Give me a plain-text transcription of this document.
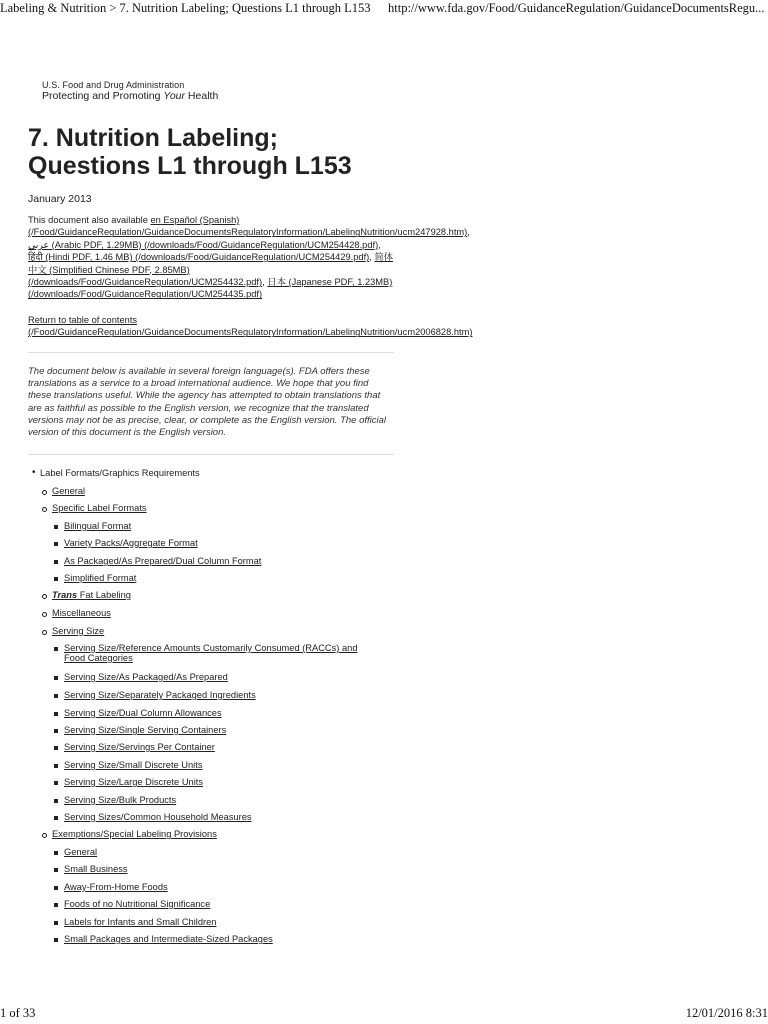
Labeling & Nutrition > 7. Nutrition Labeling; Questions L1 through L153 http://www.fda.gov/Food/GuidanceRegulation/GuidanceDocumentsRegu...
U.S. Food and Drug Administration
Protecting and Promoting Your Health
7. Nutrition Labeling; Questions L1 through L153
January 2013
This document also available en Español (Spanish) (/Food/GuidanceRegulation/GuidanceDocumentsRegulatoryInformation/LabelingNutrition/ucm247928.htm), عربي (Arabic PDF, 1.29MB) (/downloads/Food/GuidanceRegulation/UCM254428.pdf), हिंदी (Hindi PDF, 1.46 MB) (/downloads/Food/GuidanceRegulation/UCM254429.pdf), 简体中文 (Simplified Chinese PDF, 2.85MB) (/downloads/Food/GuidanceRegulation/UCM254432.pdf), 日本 (Japanese PDF, 1.23MB) (/downloads/Food/GuidanceRegulation/UCM254435.pdf)
Return to table of contents (/Food/GuidanceRegulation/GuidanceDocumentsRegulatoryInformation/LabelingNutrition/ucm2006828.htm)
The document below is available in several foreign language(s). FDA offers these translations as a service to a broad international audience. We hope that you find these translations useful. While the agency has attempted to obtain translations that are as faithful as possible to the English version, we recognize that the translated versions may not be as precise, clear, or complete as the English version. The official version of this document is the English version.
• Label Formats/Graphics Requirements
General
Specific Label Formats
Bilingual Format
Variety Packs/Aggregate Format
As Packaged/As Prepared/Dual Column Format
Simplified Format
Trans Fat Labeling
Miscellaneous
Serving Size
Serving Size/Reference Amounts Customarily Consumed (RACCs) and
Food Categories
Serving Size/As Packaged/As Prepared
Serving Size/Separately Packaged Ingredients
Serving Size/Dual Column Allowances
Serving Size/Single Serving Containers
Serving Size/Servings Per Container
Serving Size/Small Discrete Units
Serving Size/Large Discrete Units
Serving Size/Bulk Products
Serving Sizes/Common Household Measures
Exemptions/Special Labeling Provisions
General
Small Business
Away-From-Home Foods
Foods of no Nutritional Significance
Labels for Infants and Small Children
Small Packages and Intermediate-Sized Packages
1 of 33	12/01/2016 8:31
